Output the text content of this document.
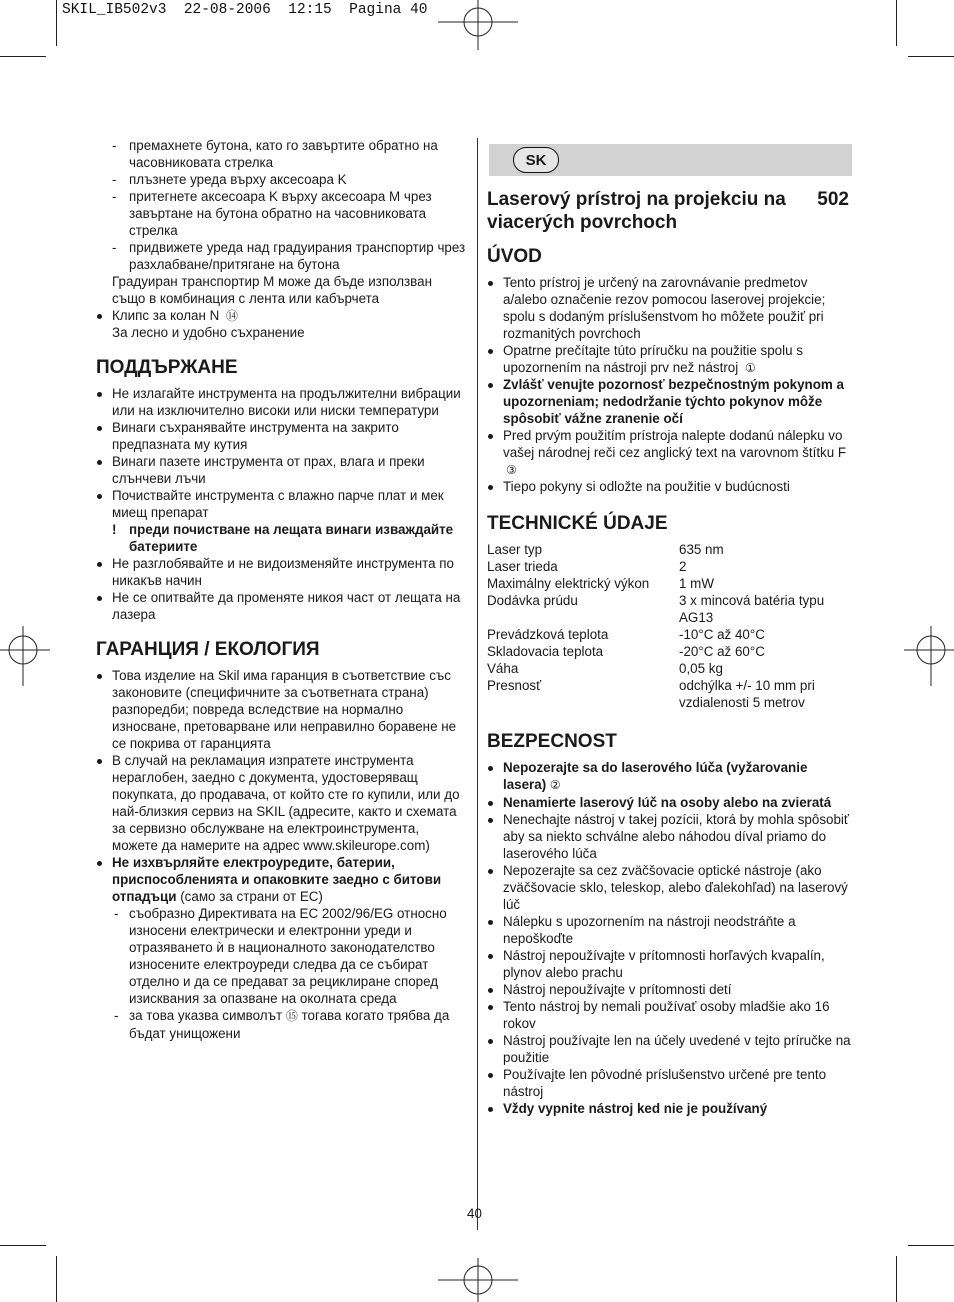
SKIL_IB502v3  22-08-2006  12:15  Pagina 40
- премахнете бутона, като го завъртите обратно на часовниковата стрелка
- плъзнете уреда върху аксесоара K
- притегнете аксесоара K върху аксесоара M чрез завъртане на бутона обратно на часовниковата стрелка
- придвижете уреда над градуирания транспортир чрез разхлабване/притягане на бутона
Градуиран транспортир M може да бъде използван също в комбинация с лента или кабърчета
Клипс за колан N ⑭
За лесно и удобно съхранение
ПОДДЪРЖАНЕ
Не излагайте инструмента на продължителни вибрации или на изключително високи или ниски температури
Винаги съхранявайте инструмента на закрито предпазната му кутия
Винаги пазете инструмента от прах, влага и преки слънчеви лъчи
Почиствайте инструмента с влажно парче плат и мек миещ препарат
! преди почистване на лещата винаги изваждайте батериите
Не разглобявайте и не видоизменяйте инструмента по никакъв начин
Не се опитвайте да променяте никоя част от лещата на лазера
ГАРАНЦИЯ / ЕКОЛОГИЯ
Това изделие на Skil има гаранция в съответствие със законовите (специфичните за съответната страна) разпоредби; повреда вследствие на нормално износване, претоварване или неправилно боравене не се покрива от гаранцията
В случай на рекламация изпратете инструмента нераглобен, заедно с документа, удостоверяващ покупката, до продавача, от който сте го купили, или до най-близкия сервиз на SKIL (адресите, както и схемата за сервизно обслужване на електроинструмента, можете да намерите на адрес www.skileurope.com)
Не изхвърляйте електроуредите, батерии, приспособленията и опаковките заедно с битови отпадъци (само за страни от ЕС)
- съобразно Директивата на ЕС 2002/96/EG относно износени електрически и електронни уреди и отразяването ѝ в националното законодателство износените електроуреди следва да се събират отделно и да се предават за рециклиране според изисквания за опазване на околната среда
- за това указва символът ⑮ тогава когато трябва да бъдат унищожени
SK
Laserový prístroj na projekciu na viacerých povrchoch
502
ÚVOD
Tento prístroj je určený na zarovnávanie predmetov a/alebo označenie rezov pomocou laserovej projekcie; spolu s dodaným príslušenstvom ho môžete použiť pri rozmanitých povrchoch
Opatrne prečítajte túto príručku na použitie spolu s upozornením na nástroji prv než nástroj ①
Zvlášť venujte pozornosť bezpečnostným pokynom a upozorneniam; nedodržanie týchto pokynov môže spôsobiť vážne zranenie očí
Pred prvým použitím prístroja nalepte dodanú nálepku vo vašej národnej reči cez anglický text na varovnom štítku F ③
Tiepo pokyny si odložte na použitie v budúcnosti
TECHNICKÉ ÚDAJE
Laser typ	635 nm
Laser trieda	2
Maximálny elektrický výkon	1 mW
Dodávka prúdu	3 x mincová batéria typu AG13
Prevádzková teplota	-10°C až 40°C
Skladovacia teplota	-20°C až 60°C
Váha	0,05 kg
Presnosť	odchýlka +/- 10 mm pri vzdialenosti 5 metrov
BEZPECNOST
Nepozerajte sa do laserového lúča (vyžarovanie lasera) ②
Nenamierte laserový lúč na osoby alebo na zvieratá
Nenechajte nástroj v takej pozícii, ktorá by mohla spôsobiť aby sa niekto schválne alebo náhodou díval priamo do laserového lúča
Nepozerajte sa cez zväčšovacie optické nástroje (ako zväčšovacie sklo, teleskop, alebo ďalekohľad) na laserový lúč
Nálepku s upozornením na nástroji neodstráňte a nepoškoďte
Nástroj nepoužívajte v prítomnosti horľavých kvapalín, plynov alebo prachu
Nástroj nepoužívajte v prítomnosti detí
Tento nástroj by nemali používať osoby mladšie ako 16 rokov
Nástroj používajte len na účely uvedené v tejto príručke na použitie
Používajte len pôvodné príslušenstvo určené pre tento nástroj
Vždy vypnite nástroj ked nie je používaný
40
